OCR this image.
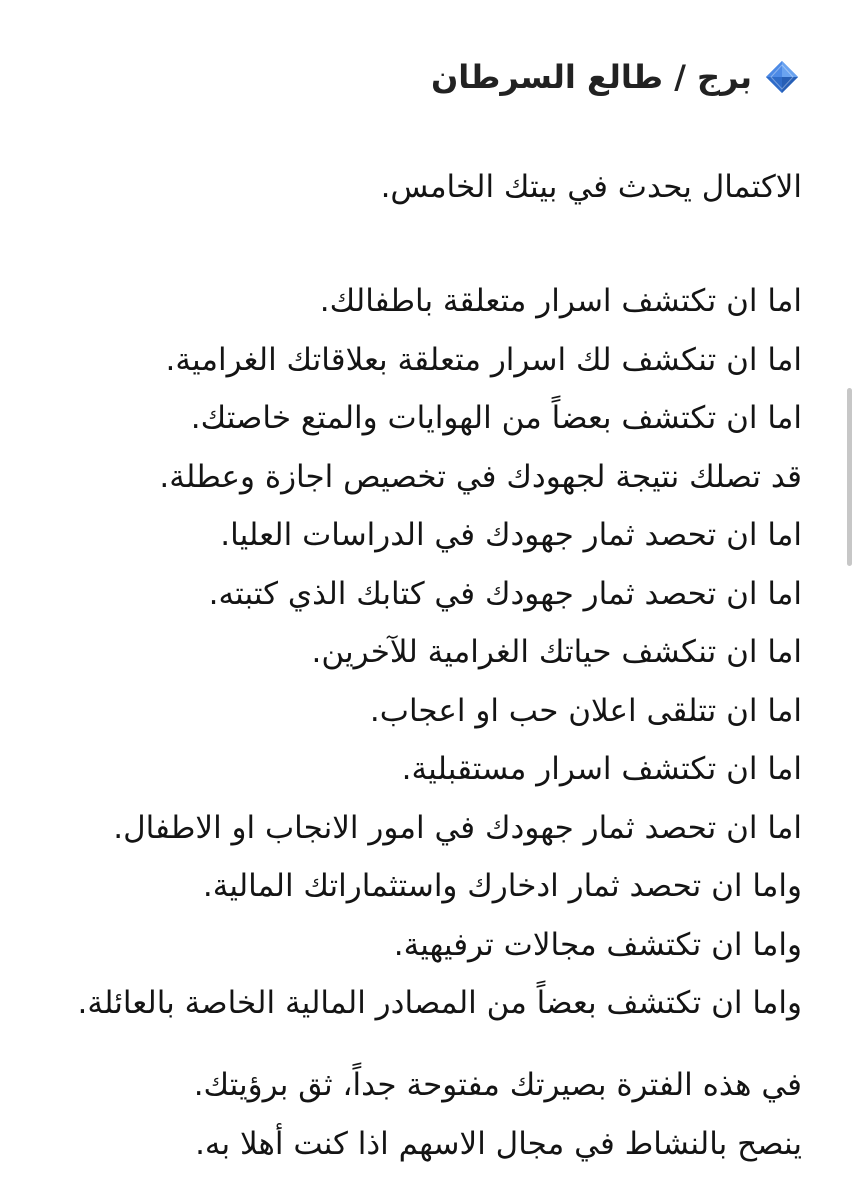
برج / طالع السرطان
الاكتمال يحدث في بيتك الخامس.
اما ان تكتشف اسرار متعلقة باطفالك.
اما ان تنكشف لك اسرار متعلقة بعلاقاتك الغرامية.
اما ان تكتشف بعضاً من الهوايات والمتع خاصتك.
قد تصلك نتيجة لجهودك في تخصيص اجازة وعطلة.
اما ان تحصد ثمار جهودك في الدراسات العليا.
اما ان تحصد ثمار جهودك في كتابك الذي كتبته.
اما ان تنكشف حياتك الغرامية للآخرين.
اما ان تتلقى اعلان حب او اعجاب.
اما ان تكتشف اسرار مستقبلية.
اما ان تحصد ثمار جهودك في امور الانجاب او الاطفال.
واما ان تحصد ثمار ادخارك واستثماراتك المالية.
واما ان تكتشف مجالات ترفيهية.
واما ان تكتشف بعضاً من المصادر المالية الخاصة بالعائلة.
في هذه الفترة بصيرتك مفتوحة جداً، ثق برؤيتك.
ينصح بالنشاط في مجال الاسهم اذا كنت أهلا به.
